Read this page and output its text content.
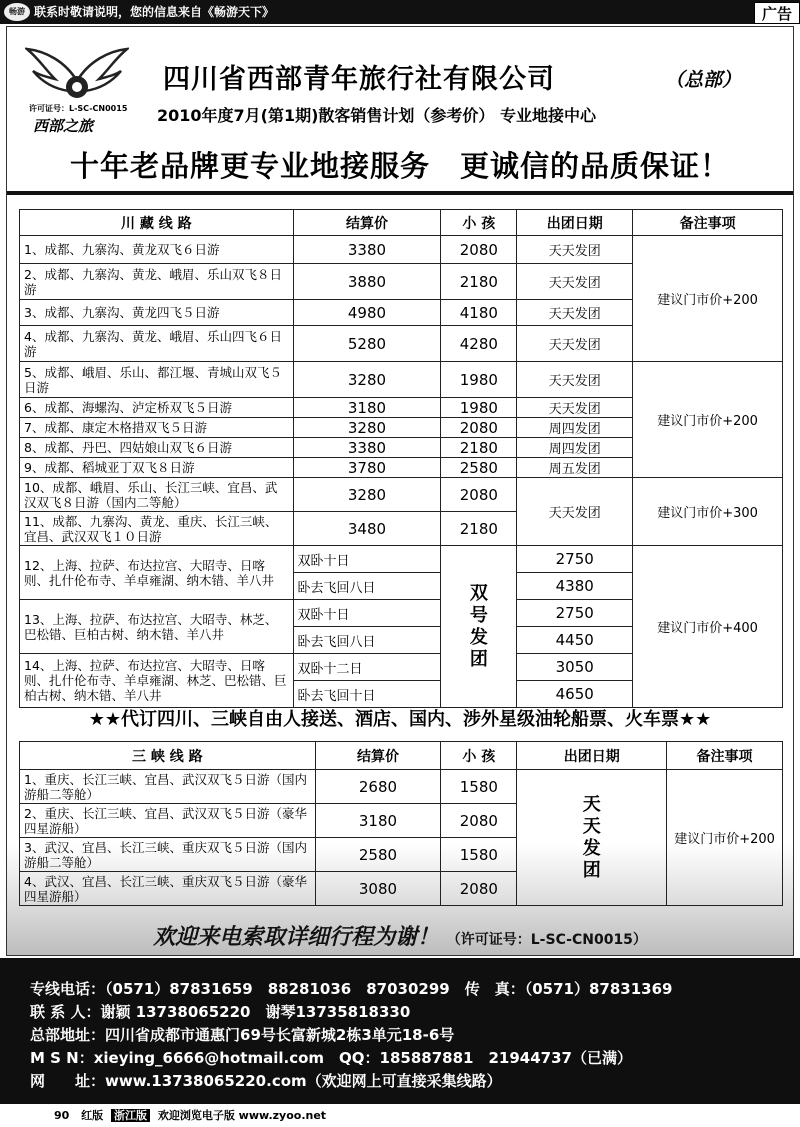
畅游 联系时敬请说明，您的信息来自《畅游天下》	广告
许可证号：L-SC-CN0015
西部之旅
四川省西部青年旅行社有限公司	（总部）
2010年度7月(第1期)散客销售计划（参考价） 专业地接中心
十年老品牌更专业地接服务　更诚信的品质保证！
川 藏 线 路	结算价	小 孩	出团日期	备注事项
1、成都、九寨沟、黄龙双飞６日游	3380	2080	天天发团	建议门市价+200
2、成都、九寨沟、黄龙、峨眉、乐山双飞８日游	3880	2180	天天发团	
3、成都、九寨沟、黄龙四飞５日游	4980	4180	天天发团	
4、成都、九寨沟、黄龙、峨眉、乐山四飞６日游	5280	4280	天天发团	
5、成都、峨眉、乐山、都江堰、青城山双飞５日游	3280	1980	天天发团	建议门市价+200
6、成都、海螺沟、泸定桥双飞５日游	3180	1980	天天发团	
7、成都、康定木格措双飞５日游	3280	2080	周四发团	
8、成都、丹巴、四姑娘山双飞６日游	3380	2180	周四发团	
9、成都、稻城亚丁双飞８日游	3780	2580	周五发团	
10、成都、峨眉、乐山、长江三峡、宜昌、武汉双飞８日游（国内二等舱）	3280	2080	天天发团	建议门市价+300
11、成都、九寨沟、黄龙、重庆、长江三峡、宜昌、武汉双飞１０日游	3480	2180		
12、上海、拉萨、布达拉宫、大昭寺、日喀则、扎什伦布寺、羊卓雍湖、纳木错、羊八井	双卧十日	双号发团	2750	建议门市价+400
	卧去飞回八日		4380	
13、上海、拉萨、布达拉宫、大昭寺、林芝、巴松错、巨柏古树、纳木错、羊八井	双卧十日		2750	
	卧去飞回八日		4450	
14、上海、拉萨、布达拉宫、大昭寺、日喀则、扎什伦布寺、羊卓雍湖、林芝、巴松错、巨柏古树、纳木错、羊八井	双卧十二日		3050	
	卧去飞回十日		4650	
★★代订四川、三峡自由人接送、酒店、国内、涉外星级油轮船票、火车票★★
三 峡 线 路	结算价	小 孩	出团日期	备注事项
1、重庆、长江三峡、宜昌、武汉双飞５日游（国内游船二等舱）	2680	1580	天天发团	建议门市价+200
2、重庆、长江三峡、宜昌、武汉双飞５日游（豪华四星游船）	3180	2080		
3、武汉、宜昌、长江三峡、重庆双飞５日游（国内游船二等舱）	2580	1580		
4、武汉、宜昌、长江三峡、重庆双飞５日游（豪华四星游船）	3080	2080		
欢迎来电索取详细行程为谢！ （许可证号：L-SC-CN0015）
专线电话：（0571）87831659　88281036　87030299　传　真：（0571）87831369
联 系 人：谢颖 13738065220　谢琴13735818330
总部地址：四川省成都市通惠门69号长富新城2栋3单元18-6号
M S N：xieying_6666@hotmail.com　QQ：185887881　21944737（已满）
网　　址：www.13738065220.com（欢迎网上可直接采集线路）
90 红版 浙江版 欢迎浏览电子版 www.zyoo.net
